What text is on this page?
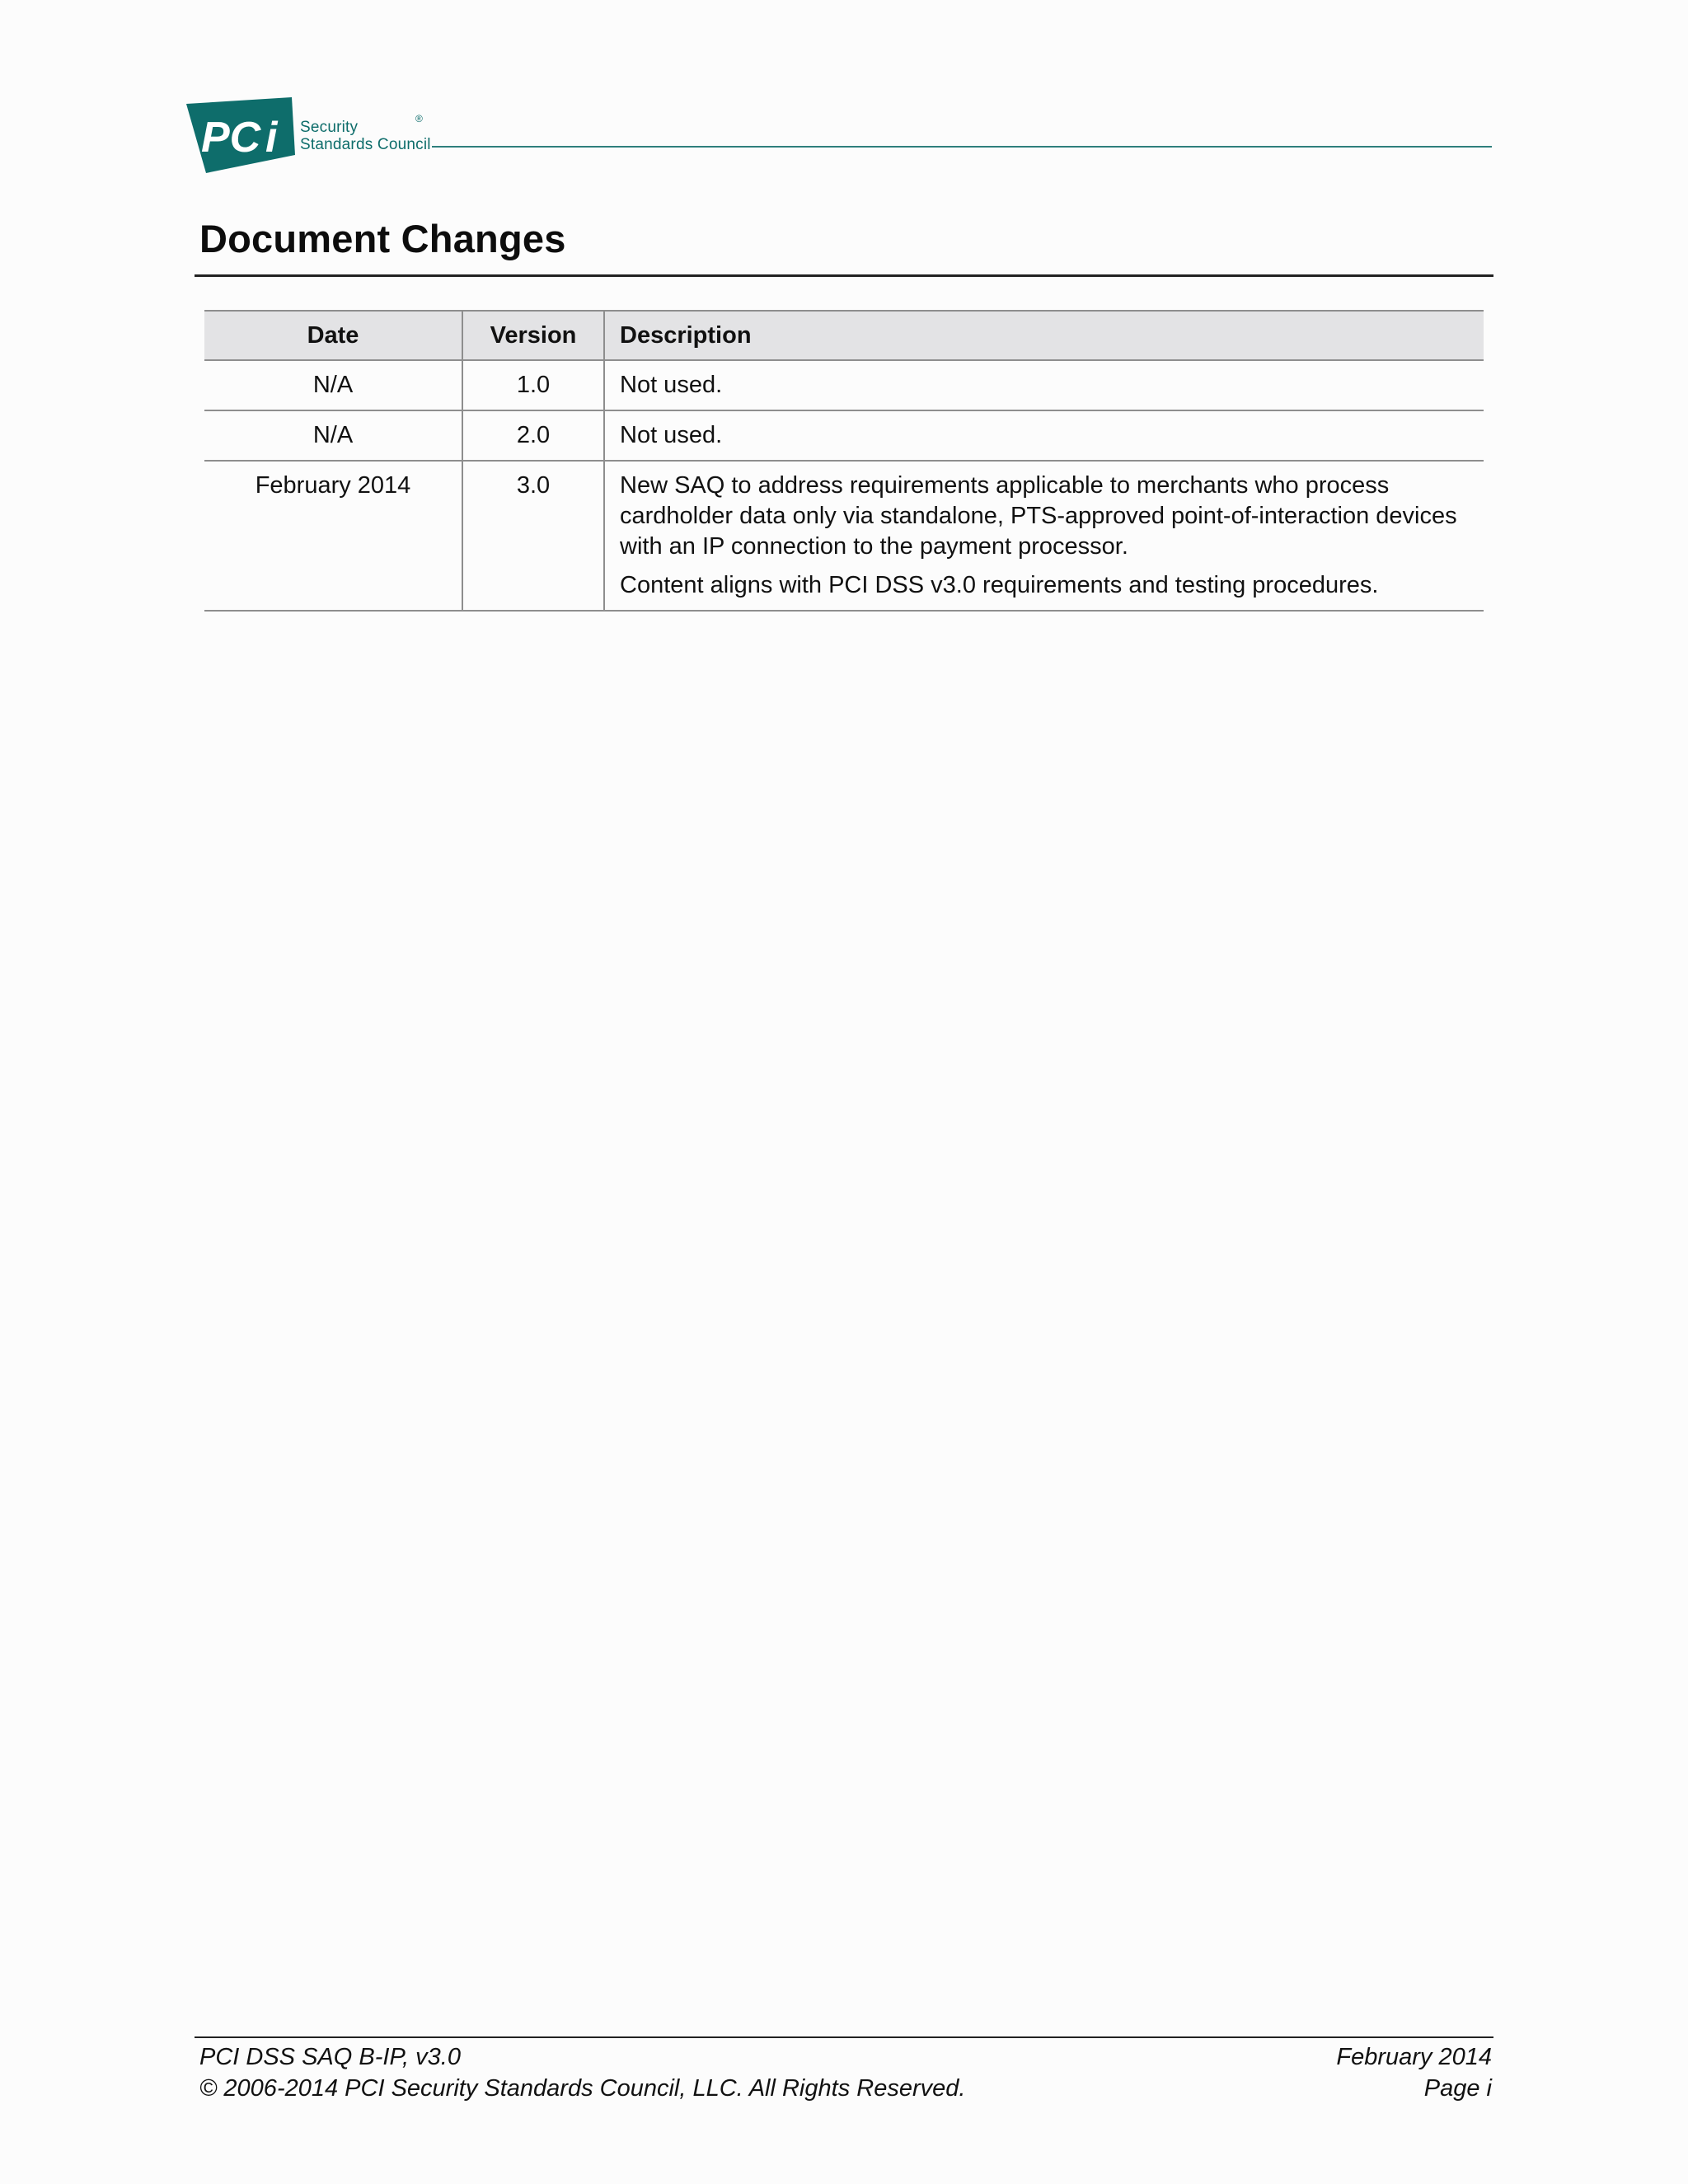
PC i	®
Security
Standards Council
Document Changes
Date	Version	Description
N/A	1.0	Not used.

N/A	2.0	Not used.

February 2014	3.0	New SAQ to address requirements applicable to merchants who process cardholder data only via standalone, PTS-approved point-of-interaction devices with an IP connection to the payment processor.

Content aligns with PCI DSS v3.0 requirements and testing procedures.

PCI DSS SAQ B-IP, v3.0	February 2014
© 2006-2014 PCI Security Standards Council, LLC. All Rights Reserved.	Page i
